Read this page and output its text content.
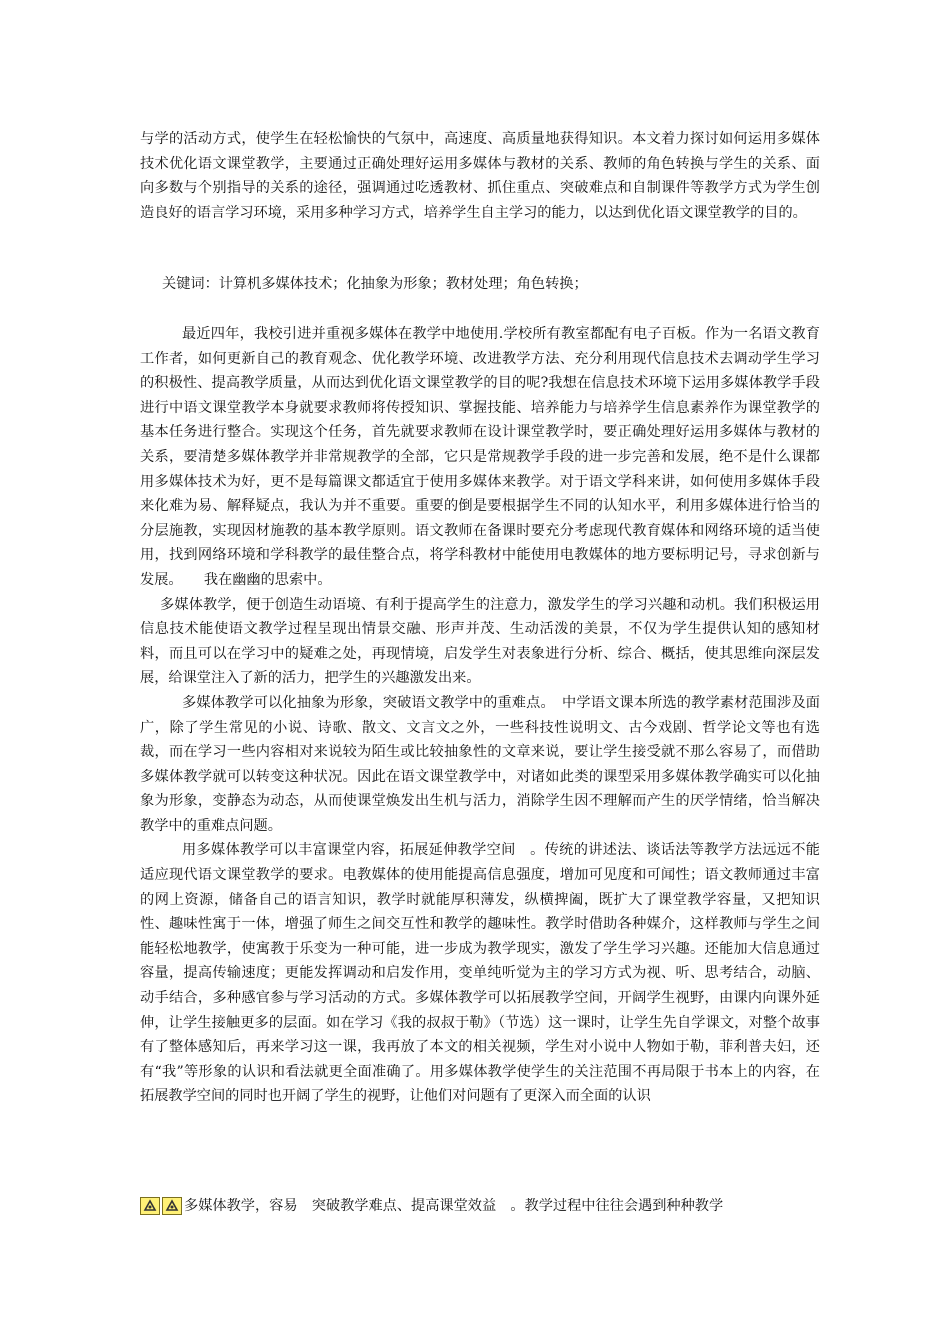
与学的活动方式，使学生在轻松愉快的气氛中，高速度、高质量地获得知识。本文着力探讨如何运用多媒体技术优化语文课堂教学，主要通过正确处理好运用多媒体与教材的关系、教师的角色转换与学生的关系、面向多数与个别指导的关系的途径，强调通过吃透教材、抓住重点、突破难点和自制课件等教学方式为学生创造良好的语言学习环境，采用多种学习方式，培养学生自主学习的能力，以达到优化语文课堂教学的目的。

关键词：计算机多媒体技术；化抽象为形象；教材处理；角色转换；

最近四年，我校引进并重视多媒体在教学中地使用.学校所有教室都配有电子百板。作为一名语文教育工作者，如何更新自己的教育观念、优化教学环境、改进教学方法、充分利用现代信息技术去调动学生学习的积极性、提高教学质量，从而达到优化语文课堂教学的目的呢?我想在信息技术环境下运用多媒体教学手段进行中语文课堂教学本身就要求教师将传授知识、掌握技能、培养能力与培养学生信息素养作为课堂教学的基本任务进行整合。实现这个任务，首先就要求教师在设计课堂教学时，要正确处理好运用多媒体与教材的关系，要清楚多媒体教学并非常规教学的全部，它只是常规教学手段的进一步完善和发展，绝不是什么课都用多媒体技术为好，更不是每篇课文都适宜于使用多媒体来教学。对于语文学科来讲，如何使用多媒体手段来化难为易、解释疑点，我认为并不重要。重要的倒是要根据学生不同的认知水平，利用多媒体进行恰当的分层施教，实现因材施教的基本教学原则。语文教师在备课时要充分考虑现代教育媒体和网络环境的适当使用，找到网络环境和学科教学的最佳整合点，将学科教材中能使用电教媒体的地方要标明记号，寻求创新与发展。　　我在幽幽的思索中。

多媒体教学，便于创造生动语境、有利于提高学生的注意力，激发学生的学习兴趣和动机。我们积极运用信息技术能使语文教学过程呈现出情景交融、形声并茂、生动活泼的美景，不仅为学生提供认知的感知材料，而且可以在学习中的疑难之处，再现情境，启发学生对表象进行分析、综合、概括，使其思维向深层发展，给课堂注入了新的活力，把学生的兴趣激发出来。

多媒体教学可以化抽象为形象，突破语文教学中的重难点。　中学语文课本所选的教学素材范围涉及面广，除了学生常见的小说、诗歌、散文、文言文之外，一些科技性说明文、古今戏剧、哲学论文等也有选裁，而在学习一些内容相对来说较为陌生或比较抽象性的文章来说，要让学生接受就不那么容易了，而借助多媒体教学就可以转变这种状况。因此在语文课堂教学中，对诸如此类的课型采用多媒体教学确实可以化抽象为形象，变静态为动态，从而使课堂焕发出生机与活力，消除学生因不理解而产生的厌学情绪，恰当解决教学中的重难点问题。

用多媒体教学可以丰富课堂内容，拓展延伸教学空间　。传统的讲述法、谈话法等教学方法远远不能适应现代语文课堂教学的要求。电教媒体的使用能提高信息强度，增加可见度和可闻性；语文教师通过丰富的网上资源，储备自己的语言知识，教学时就能厚积薄发，纵横捭阖，既扩大了课堂教学容量，又把知识性、趣味性寓于一体，增强了师生之间交互性和教学的趣味性。教学时借助各种媒介，这样教师与学生之间能轻松地教学，使寓教于乐变为一种可能，进一步成为教学现实，激发了学生学习兴趣。还能加大信息通过容量，提高传输速度；更能发挥调动和启发作用，变单纯听觉为主的学习方式为视、听、思考结合，动脑、动手结合，多种感官参与学习活动的方式。多媒体教学可以拓展教学空间，开阔学生视野，由课内向课外延伸，让学生接触更多的层面。如在学习《我的叔叔于勒》（节选）这一课时，让学生先自学课文，对整个故事有了整体感知后，再来学习这一课，我再放了本文的相关视频，学生对小说中人物如于勒，菲利普夫妇，还有“我”等形象的认识和看法就更全面准确了。用多媒体教学使学生的关注范围不再局限于书本上的内容，在拓展教学空间的同时也开阔了学生的视野，让他们对问题有了更深入而全面的认识

多媒体教学，容易　突破教学难点、提高课堂效益　。教学过程中往往会遇到种种教学
